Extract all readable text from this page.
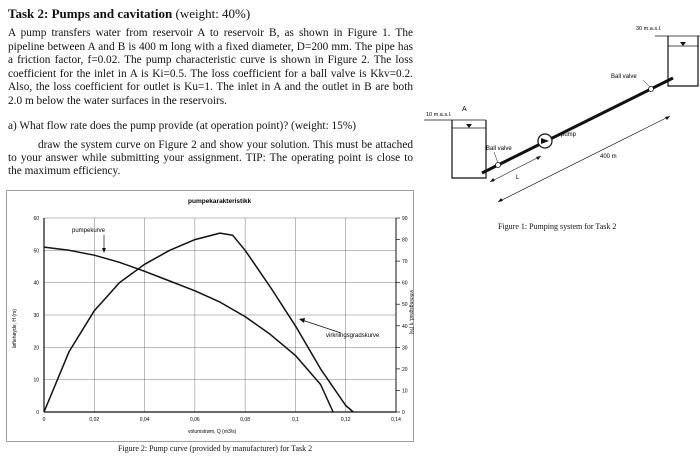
Task 2: Pumps and cavitation (weight: 40%)

A pump transfers water from reservoir A to reservoir B, as shown in Figure 1. The pipeline between A and B is 400 m long with a fixed diameter, D=200 mm. The pipe has a friction factor, f=0.02. The pump characteristic curve is shown in Figure 2. The loss coefficient for the inlet in A is Ki=0.5. The loss coefficient for a ball valve is Kkv=0.2. Also, the loss coefficient for outlet is Ku=1. The inlet in A and the outlet in B are both 2.0 m below the water surfaces in the reservoirs.

a) What flow rate does the pump provide (at operation point)? (weight: 15%)

draw the system curve on Figure 2 and show your solution. This must be attached to your answer while submitting your assignment. TIP: The operating point is close to the maximum efficiency.

30 m.a.s.l.
10 m.a.s.l.
A
pump
Ball valve
Ball valve
L
400 m
Figure 1: Pumping system for Task 2
0	0,02	0,04	0,06	0,08	0,1	0,12	0,14
0
10
20
30
40
50
60
0
10
20
30
40
50
60
70
80
90
pumpekarakteristikk
volumstrøm, Q (m3/s)
løftehøyde, H (m)	virkningsgrad, η (%)
pumpekurve
virkningsgradskurve
Figure 2: Pump curve (provided by manufacturer) for Task 2
